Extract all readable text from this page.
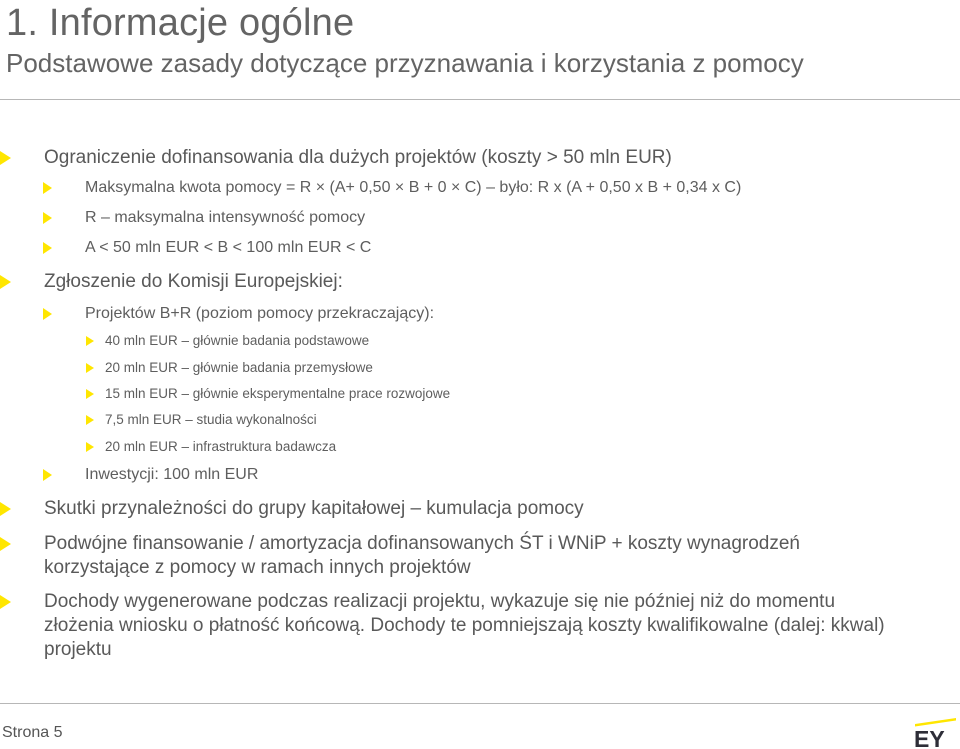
1. Informacje ogólne
Podstawowe zasady dotyczące przyznawania i korzystania z pomocy
Ograniczenie dofinansowania dla dużych projektów (koszty > 50 mln EUR)
Maksymalna kwota pomocy = R × (A+ 0,50 × B + 0 × C) – było: R x (A + 0,50 x B + 0,34 x C)
R – maksymalna intensywność pomocy
A < 50 mln EUR < B < 100 mln EUR < C
Zgłoszenie do Komisji Europejskiej:
Projektów B+R (poziom pomocy przekraczający):
40 mln EUR – głównie badania podstawowe
20 mln EUR – głównie badania przemysłowe
15 mln EUR – głównie eksperymentalne prace rozwojowe
7,5 mln EUR – studia wykonalności
20 mln EUR – infrastruktura badawcza
Inwestycji: 100 mln EUR
Skutki przynależności do grupy kapitałowej – kumulacja pomocy
Podwójne finansowanie / amortyzacja dofinansowanych ŚT i WNiP + koszty wynagrodzeń
korzystające z pomocy w ramach innych projektów
Dochody wygenerowane podczas realizacji projektu, wykazuje się nie później niż do momentu
złożenia wniosku o płatność końcową. Dochody te pomniejszają koszty kwalifikowalne (dalej: kkwal)
projektu
Strona 5	EY
